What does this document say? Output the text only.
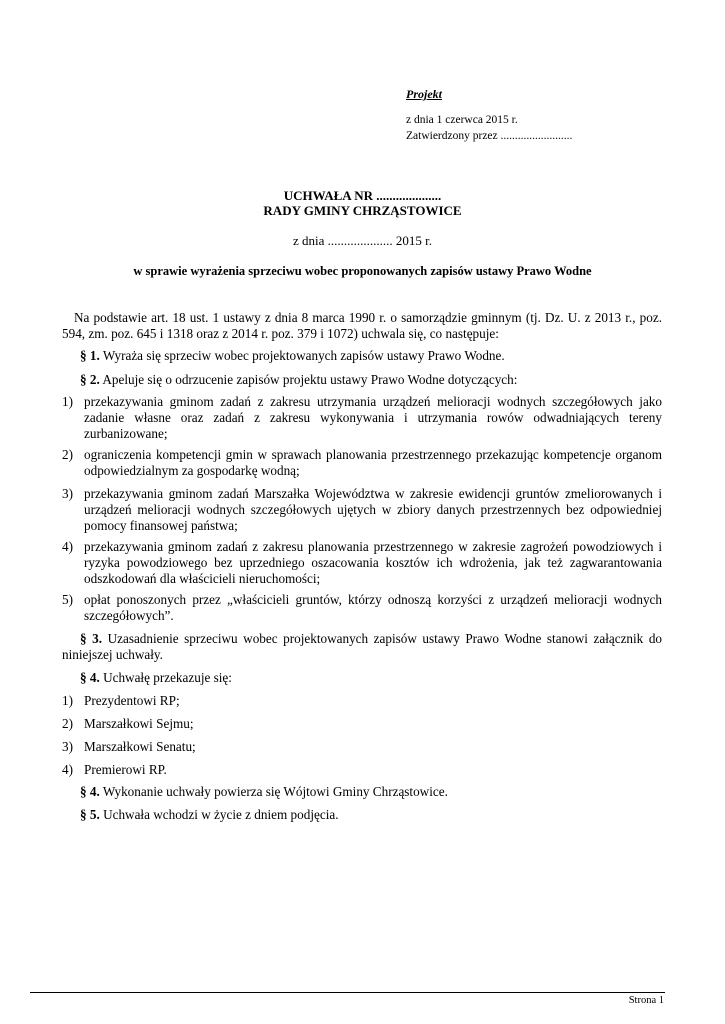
Projekt
z dnia 1 czerwca 2015 r.
Zatwierdzony przez .........................
UCHWAŁA NR ....................
RADY GMINY CHRZĄSTOWICE
z dnia .................... 2015 r.
w sprawie wyrażenia sprzeciwu wobec proponowanych zapisów ustawy Prawo Wodne

Na podstawie art. 18 ust. 1 ustawy z dnia 8 marca 1990 r. o samorządzie gminnym (tj. Dz. U. z 2013 r., poz. 594, zm. poz. 645 i 1318 oraz z 2014 r. poz. 379 i 1072) uchwala się, co następuje:

§ 1. Wyraża się sprzeciw wobec projektowanych zapisów ustawy Prawo Wodne.
§ 2. Apeluje się o odrzucenie zapisów projektu ustawy Prawo Wodne dotyczących:
1) przekazywania gminom zadań z zakresu utrzymania urządzeń melioracji wodnych szczegółowych jako zadanie własne oraz zadań z zakresu wykonywania i utrzymania rowów odwadniających tereny zurbanizowane;
2) ograniczenia kompetencji gmin w sprawach planowania przestrzennego przekazując kompetencje organom odpowiedzialnym za gospodarkę wodną;
3) przekazywania gminom zadań Marszałka Województwa w zakresie ewidencji gruntów zmeliorowanych i urządzeń melioracji wodnych szczegółowych ujętych w zbiory danych przestrzennych bez odpowiedniej pomocy finansowej państwa;
4) przekazywania gminom zadań z zakresu planowania przestrzennego w zakresie zagrożeń powodziowych i ryzyka powodziowego bez uprzedniego oszacowania kosztów ich wdrożenia, jak też zagwarantowania odszkodowań dla właścicieli nieruchomości;
5) opłat ponoszonych przez „właścicieli gruntów, którzy odnoszą korzyści z urządzeń melioracji wodnych szczegółowych”.
§ 3. Uzasadnienie sprzeciwu wobec projektowanych zapisów ustawy Prawo Wodne stanowi załącznik do niniejszej uchwały.
§ 4. Uchwałę przekazuje się:
1) Prezydentowi RP;
2) Marszałkowi Sejmu;
3) Marszałkowi Senatu;
4) Premierowi RP.
§ 4. Wykonanie uchwały powierza się Wójtowi Gminy Chrząstowice.
§ 5. Uchwała wchodzi w życie z dniem podjęcia.
Strona 1
